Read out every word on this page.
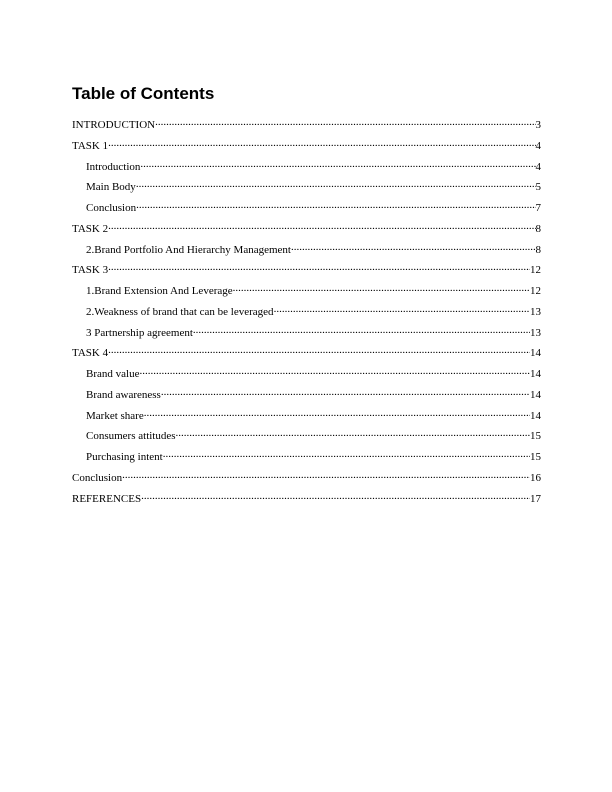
Table of Contents
INTRODUCTION .....	3
TASK 1 .....	4
Introduction .....	4
Main Body .....	5
Conclusion .....	7
TASK 2 .....	8
2.Brand Portfolio And Hierarchy Management .....	8
TASK 3 .....	12
1.Brand Extension And Leverage .....	12
2.Weakness of brand that can be leveraged .....	13
3 Partnership agreement .....	13
TASK 4 .....	14
Brand value .....	14
Brand awareness .....	14
Market share .....	14
Consumers attitudes .....	15
Purchasing intent .....	15
Conclusion .....	16
REFERENCES .....	17
